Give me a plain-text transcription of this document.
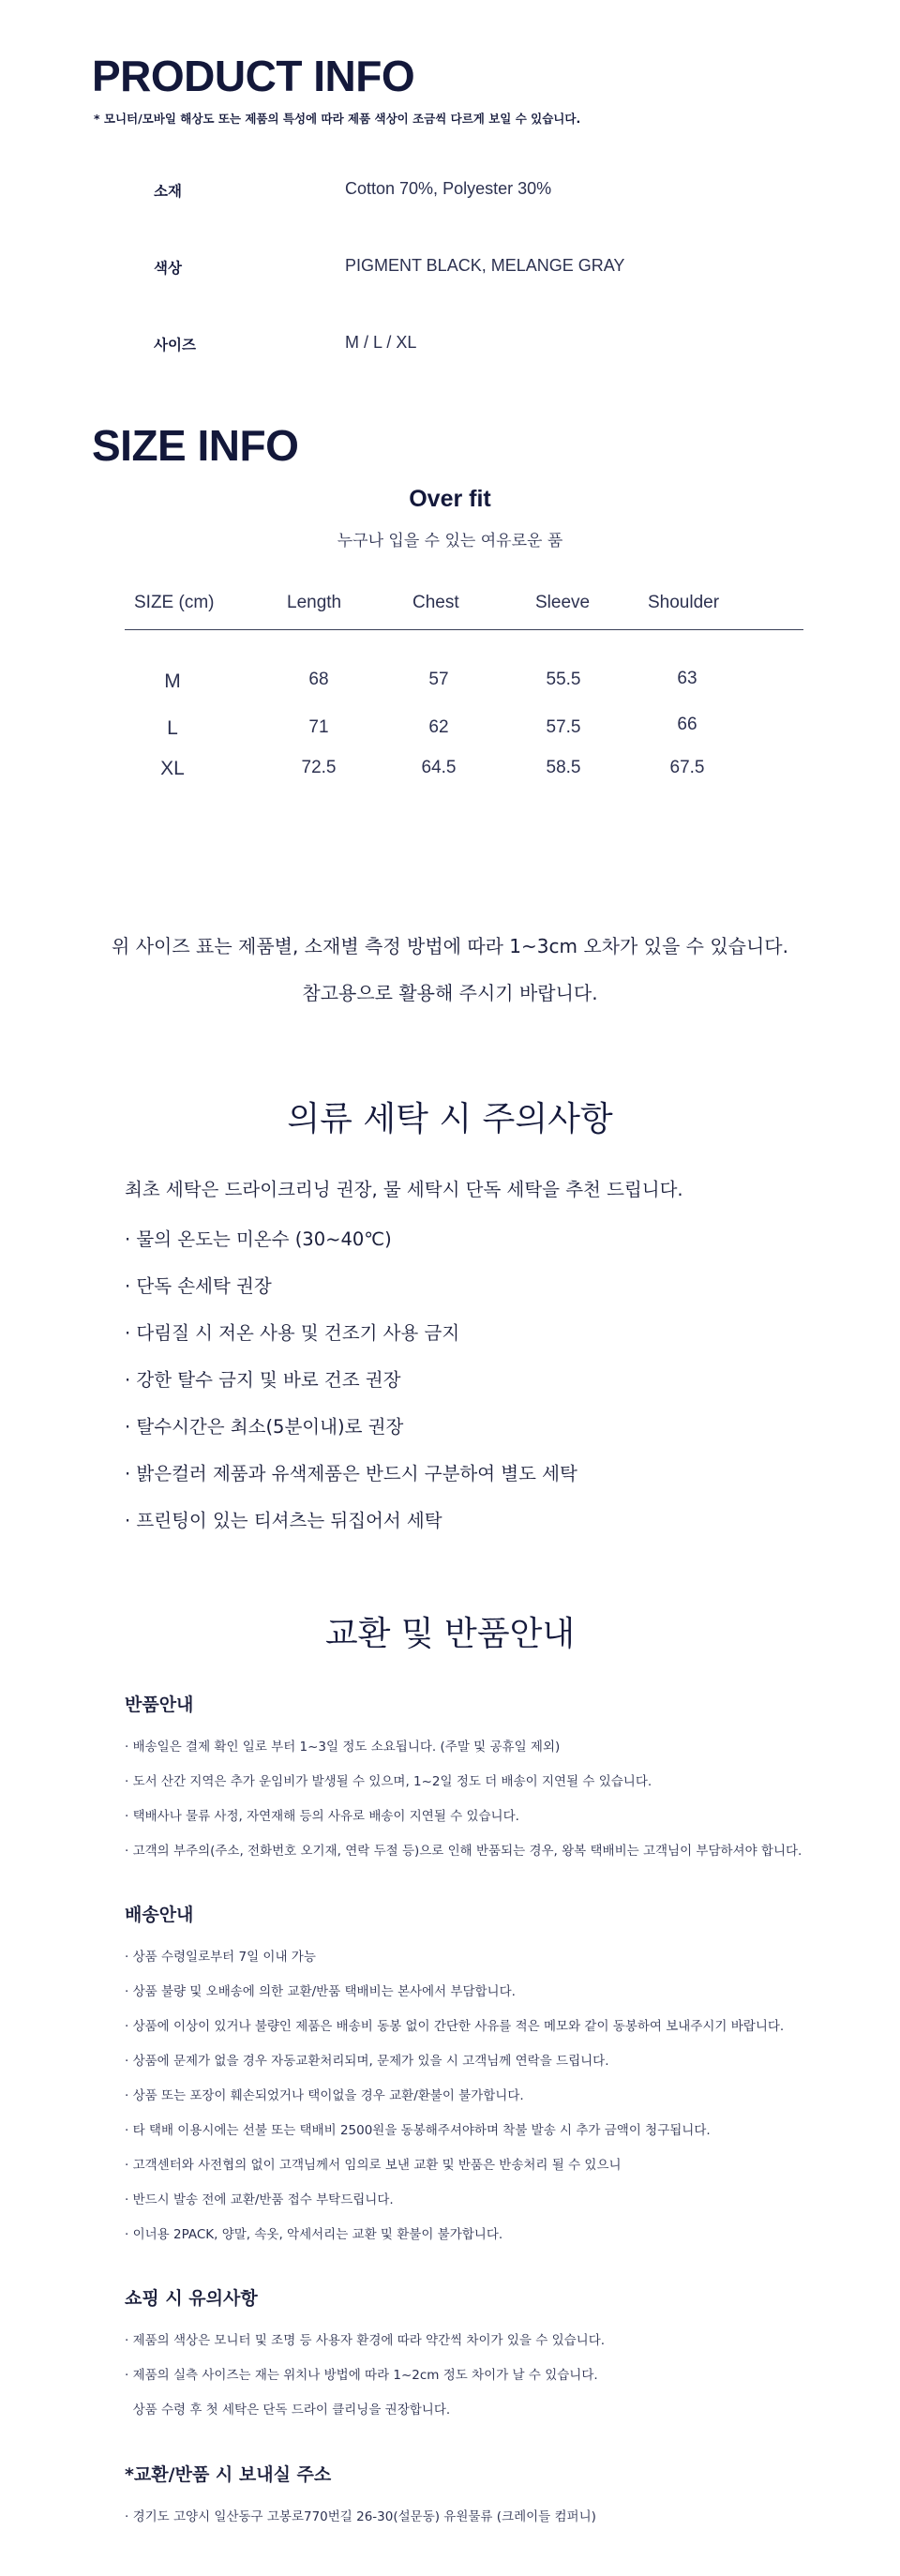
PRODUCT INFO
* 모니터/모바일 해상도 또는 제품의 특성에 따라 제품 색상이 조금씩 다르게 보일 수 있습니다.
소재	Cotton 70%, Polyester 30%
색상	PIGMENT BLACK, MELANGE GRAY
사이즈	M / L / XL
SIZE INFO
Over fit
누구나 입을 수 있는 여유로운 품
SIZE (cm)	Length	Chest	Sleeve	Shoulder
M	68	57	55.5	63
L	71	62	57.5	66
XL	72.5	64.5	58.5	67.5
위 사이즈 표는 제품별, 소재별 측정 방법에 따라 1~3cm 오차가 있을 수 있습니다.
참고용으로 활용해 주시기 바랍니다.
의류 세탁 시 주의사항
최초 세탁은 드라이크리닝 권장, 물 세탁시 단독 세탁을 추천 드립니다.
· 물의 온도는 미온수 (30~40℃)
· 단독 손세탁 권장
· 다림질 시 저온 사용 및 건조기 사용 금지
· 강한 탈수 금지 및 바로 건조 권장
· 탈수시간은 최소(5분이내)로 권장
· 밝은컬러 제품과 유색제품은 반드시 구분하여 별도 세탁
· 프린팅이 있는 티셔츠는 뒤집어서 세탁
교환 및 반품안내
반품안내
· 배송일은 결제 확인 일로 부터 1~3일 정도 소요됩니다. (주말 및 공휴일 제외)
· 도서 산간 지역은 추가 운임비가 발생될 수 있으며, 1~2일 정도 더 배송이 지연될 수 있습니다.
· 택배사나 물류 사정, 자연재해 등의 사유로 배송이 지연될 수 있습니다.
· 고객의 부주의(주소, 전화번호 오기재, 연락 두절 등)으로 인해 반품되는 경우, 왕복 택배비는 고객님이 부담하셔야 합니다.
배송안내
· 상품 수령일로부터 7일 이내 가능
· 상품 불량 및 오배송에 의한 교환/반품 택배비는 본사에서 부담합니다.
· 상품에 이상이 있거나 불량인 제품은 배송비 동봉 없이 간단한 사유를 적은 메모와 같이 동봉하여 보내주시기 바랍니다.
· 상품에 문제가 없을 경우 자동교환처리되며, 문제가 있을 시 고객님께 연락을 드립니다.
· 상품 또는 포장이 훼손되었거나 택이없을 경우 교환/환불이 불가합니다.
· 타 택배 이용시에는 선불 또는 택배비 2500원을 동봉해주셔야하며 착불 발송 시 추가 금액이 청구됩니다.
· 고객센터와 사전협의 없이 고객님께서 임의로 보낸 교환 및 반품은 반송처리 될 수 있으니
· 반드시 발송 전에 교환/반품 접수 부탁드립니다.
· 이너용 2PACK, 양말, 속옷, 악세서리는 교환 및 환불이 불가합니다.
쇼핑 시 유의사항
· 제품의 색상은 모니터 및 조명 등 사용자 환경에 따라 약간씩 차이가 있을 수 있습니다.
· 제품의 실측 사이즈는 재는 위치나 방법에 따라 1~2cm 정도 차이가 날 수 있습니다.
상품 수령 후 첫 세탁은 단독 드라이 클리닝을 권장합니다.
*교환/반품 시 보내실 주소
· 경기도 고양시 일산동구 고봉로770번길 26-30(설문동) 유원물류 (크레이들 컴퍼니)
